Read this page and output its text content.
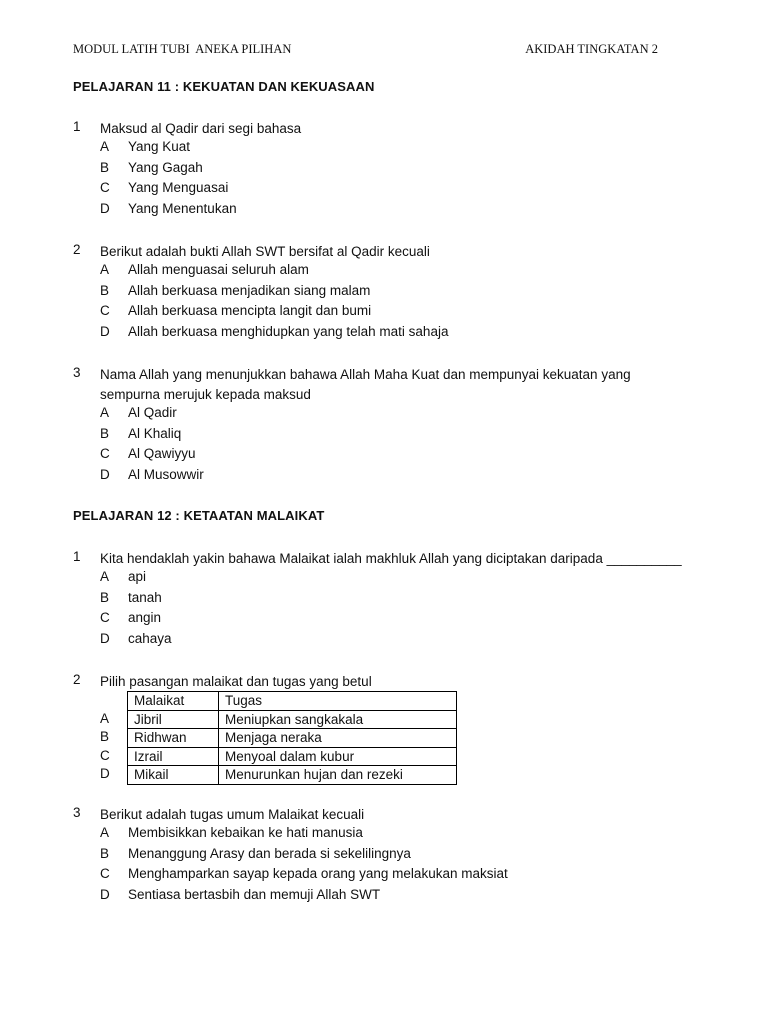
MODUL LATIH TUBI  ANEKA PILIHAN	AKIDAH TINGKATAN 2
PELAJARAN 11 : KEKUATAN DAN KEKUASAAN
1 Maksud al Qadir dari segi bahasa
A	Yang Kuat
B	Yang Gagah
C	Yang Menguasai
D	Yang Menentukan
2 Berikut adalah bukti Allah SWT bersifat al Qadir kecuali
A	Allah menguasai seluruh alam
B	Allah berkuasa menjadikan siang malam
C	Allah berkuasa mencipta langit dan bumi
D	Allah berkuasa menghidupkan yang telah mati sahaja
3 Nama Allah yang menunjukkan bahawa Allah Maha Kuat dan mempunyai kekuatan yang sempurna merujuk kepada maksud
A	Al Qadir
B	Al Khaliq
C	Al Qawiyyu
D	Al Musowwir
PELAJARAN 12 : KETAATAN MALAIKAT
1 Kita hendaklah yakin bahawa Malaikat ialah makhluk Allah yang diciptakan daripada __________
A	api
B	tanah
C	angin
D	cahaya
2 Pilih pasangan malaikat dan tugas yang betul
A
B
C
D
Malaikat	Tugas
Jibril	Meniupkan sangkakala
Ridhwan	Menjaga neraka
Izrail	Menyoal dalam kubur
Mikail	Menurunkan hujan dan rezeki
3 Berikut adalah tugas umum Malaikat kecuali
A	Membisikkan kebaikan ke hati manusia
B	Menanggung Arasy dan berada si sekelilingnya
C	Menghamparkan sayap kepada orang yang melakukan maksiat
D	Sentiasa bertasbih dan memuji Allah SWT
